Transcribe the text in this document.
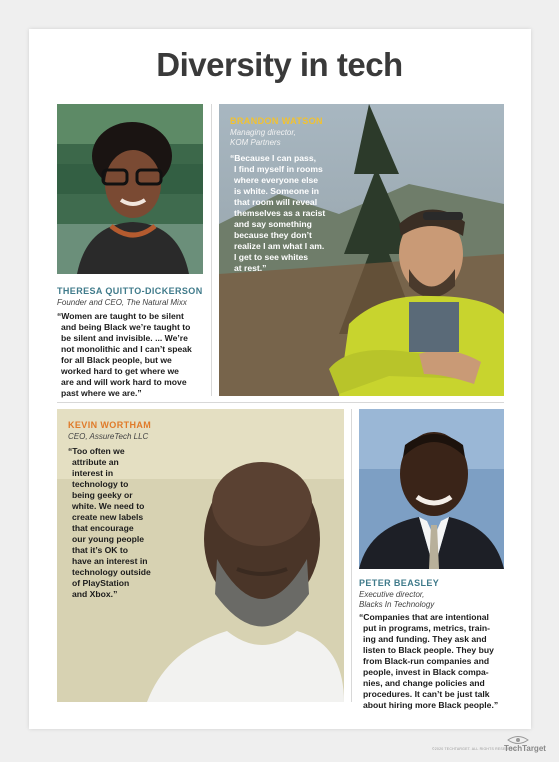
Diversity in tech
THERESA QUITTO-DICKERSON
Founder and CEO, The Natural Mixx
“Women are taught to be silent
and being Black we’re taught to
be silent and invisible. ... We’re
not monolithic and I can’t speak
for all Black people, but we
worked hard to get where we
are and will work hard to move
past where we are.”
BRANDON WATSON
Managing director,
KOM Partners
“Because I can pass,
I find myself in rooms
where everyone else
is white. Someone in
that room will reveal
themselves as a racist
and say something
because they don’t
realize I am what I am.
I get to see whites
at rest.”
KEVIN WORTHAM
CEO, AssureTech LLC
“Too often we
attribute an
interest in
technology to
being geeky or
white. We need to
create new labels
that encourage
our young people
that it’s OK to
have an interest in
technology outside
of PlayStation
and Xbox.”
PETER BEASLEY
Executive director,
Blacks In Technology
“Companies that are intentional
put in programs, metrics, train-
ing and funding. They ask and
listen to Black people. They buy
from Black-run companies and
people, invest in Black compa-
nies, and change policies and
procedures. It can’t be just talk
about hiring more Black people.”
©2020 TECHTARGET. ALL RIGHTS RESERVED
TechTarget
